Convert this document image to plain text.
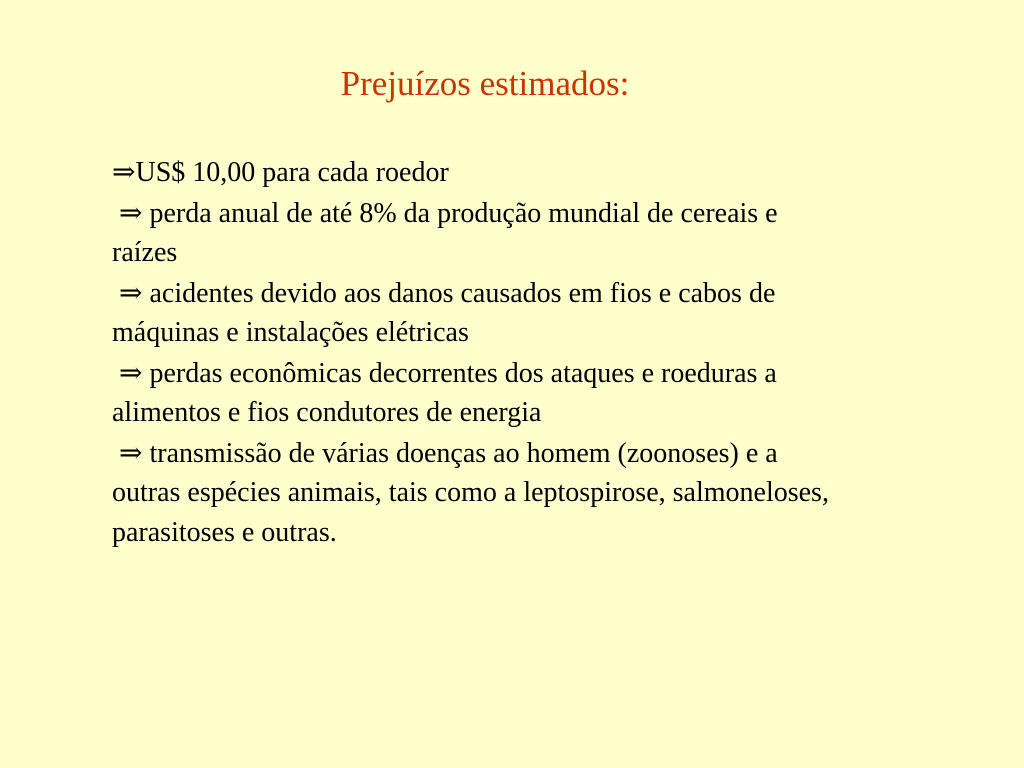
Prejuízos estimados:
⇒US$ 10,00 para cada roedor
⇒ perda anual de até 8% da produção mundial de cereais e raízes
⇒ acidentes devido aos danos causados em fios e cabos de máquinas e instalações elétricas
⇒ perdas econômicas decorrentes dos ataques e roeduras a alimentos e fios condutores de energia
⇒ transmissão de várias doenças ao homem (zoonoses) e a outras espécies animais, tais como a leptospirose, salmoneloses, parasitoses e outras.
